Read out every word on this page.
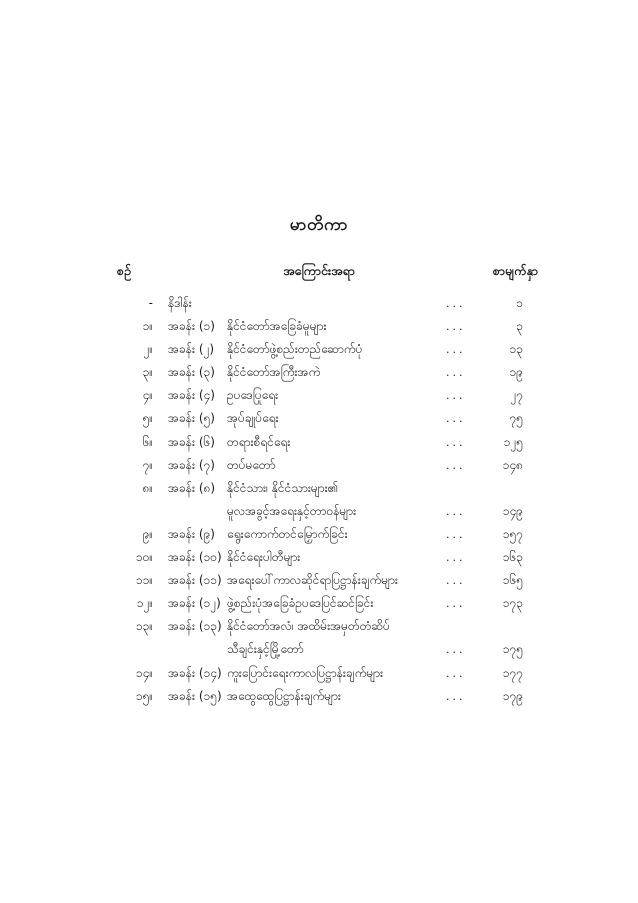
မာတိကာ
စဉ်	အကြောင်းအရာ	စာမျက်နှာ
- နိဒါန်း	...	၁
၁။ အခန်း (၁) နိုင်ငံတော်အခြေခံမူများ	...	၃
၂။ အခန်း (၂) နိုင်ငံတော်ဖွဲ့စည်းတည်ဆောက်ပုံ	...	၁၃
၃။ အခန်း (၃) နိုင်ငံတော်အကြီးအကဲ	...	၁၉
၄။ အခန်း (၄) ဥပဒေပြုရေး	...	၂၇
၅။ အခန်း (၅) အုပ်ချုပ်ရေး	...	၇၅
၆။ အခန်း (၆) တရားစီရင်ရေး	...	၁၂၅
၇။ အခန်း (၇) တပ်မတော်	...	၁၄၈
၈။ အခန်း (၈) နိုင်ငံသား၊ နိုင်ငံသားများ၏
မူလအခွင့်အရေးနှင့်တာဝန်များ	...	၁၄၉
၉။ အခန်း (၉) ရွေးကောက်တင်မြှောက်ခြင်း	...	၁၅၇
၁၀။ အခန်း (၁၀) နိုင်ငံရေးပါတီများ	...	၁၆၃
၁၁။ အခန်း (၁၁) အရေးပေါ်ကာလဆိုင်ရာပြဋ္ဌာန်းချက်များ	...	၁၆၅
၁၂။ အခန်း (၁၂) ဖွဲ့စည်းပုံအခြေခံဥပဒေပြင်ဆင်ခြင်း	...	၁၇၃
၁၃။ အခန်း (၁၃) နိုင်ငံတော်အလံ၊ အထိမ်းအမှတ်တံဆိပ်
သီချင်းနှင့်မြို့တော်	...	၁၇၅
၁၄။ အခန်း (၁၄) ကူးပြောင်းရေးကာလပြဋ္ဌာန်းချက်များ	...	၁၇၇
၁၅။ အခန်း (၁၅) အထွေထွေပြဋ္ဌာန်းချက်များ	...	၁၇၉
